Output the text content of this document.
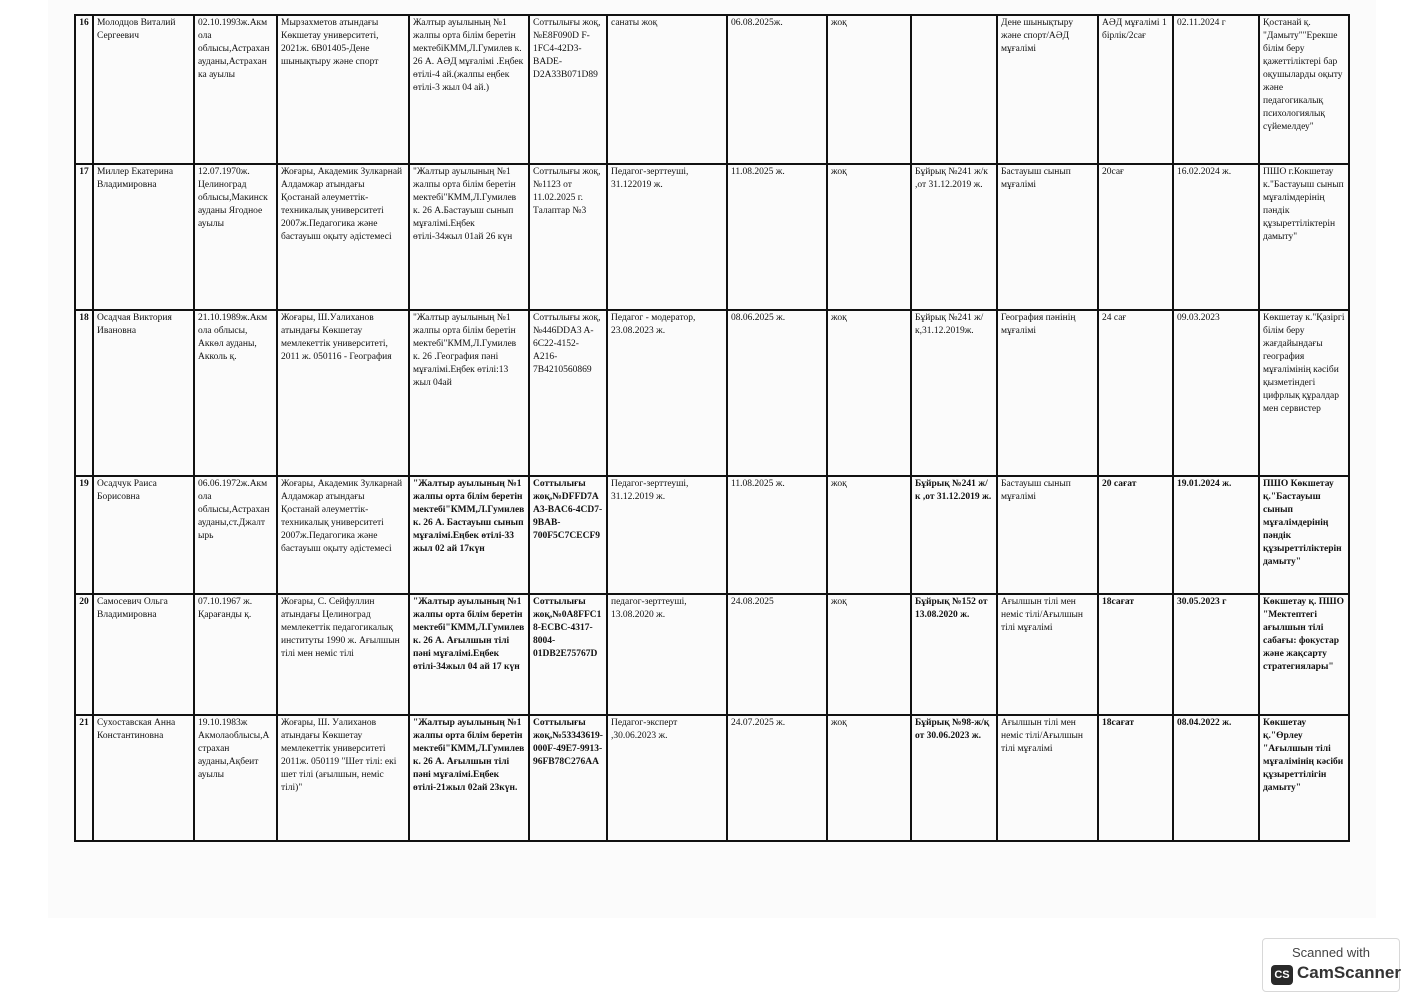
16	Молодцов Виталий Сергеевич	02.10.1993ж.Акм ола облысы,Астрахан ауданы,Астрахан ка ауылы	Мырзахметов атындағы Көкшетау университеті, 2021ж. 6B01405-Дене шынықтыру және спорт	Жалтыр ауылының №1 жалпы орта білім беретін мектебіКММ,Л.Гумилев к. 26 А. АӘД мұғалімі .Еңбек өтілі-4 ай.(жалпы еңбек өтілі-3 жыл 04 ай.)	Соттылығы жоқ,№E8F090D F-1FC4-42D3-BADE-D2A33B071D89	санаты жоқ	06.08.2025ж.	жоқ		Дене шынықтыру және спорт/АӘД мұғалімі	АӘД мұғалімі 1 бірлік/2сағ	02.11.2024 г	Қостанай қ. "Дамыту""Ерекше білім беру қажеттіліктері бар оқушыларды оқыту және педагогикалық психологиялық сүйемелдеу"
17	Миллер Екатерина Владимировна	12.07.1970ж. Целиноград облысы,Макинск ауданы Ягодное ауылы	Жоғары, Академик Зулкарнай Алдамжар атындағы Қостанай әлеуметтік-техникалық университеті 2007ж.Педагогика және бастауыш оқыту әдістемесі	"Жалтыр ауылының №1 жалпы орта білім беретін мектебі"КММ,Л.Гумилев к. 26 А.Бастауыш сынып мұғалімі.Еңбек өтілі-34жыл 01ай 26 күн	Соттылығы жоқ,№1123 от 11.02.2025 г. Талаптар №3	Педагог-зерттеуші, 31.122019 ж.	11.08.2025 ж.	жоқ	Бұйрық №241 ж/к ,от 31.12.2019 ж.	Бастауыш сынып мұғалімі	20сағ	16.02.2024 ж.	ПШО г.Кокшетау к."Бастауыш сынып мұғалімдерінің пәндік құзыреттіліктерін дамыту"
18	Осадчая Виктория Ивановна	21.10.1989ж.Акм ола облысы, Аккөл ауданы, Акколь қ.	Жоғары, Ш.Уалиханов атындағы Көкшетау мемлекеттік университеті, 2011 ж. 050116 - География	"Жалтыр ауылының №1 жалпы орта білім беретін мектебі"КММ,Л.Гумилев к. 26 .География пәні мұғалімі.Еңбек өтілі:13 жыл 04ай	Соттылығы жоқ,№446DDA3 A-6C22-4152-A216-7B4210560869	Педагог - модератор, 23.08.2023 ж.	08.06.2025 ж.	жоқ	Бұйрық №241 ж/к,31.12.2019ж.	География пәнінің мұғалімі	24 сағ	09.03.2023	Көкшетау к."Қазіргі білім беру жағдайындағы география мұғалімінің кәсіби қызметіндегі цифрлық құралдар мен сервистер
19	Осадчук Раиса Борисовна	06.06.1972ж.Акм ола облысы,Астрахан ауданы,ст.Джалт ырь	Жоғары, Академик Зулкарнай Алдамжар атындағы Қостанай әлеуметтік-техникалық университеті 2007ж.Педагогика және бастауыш оқыту әдістемесі	"Жалтыр ауылының №1 жалпы орта білім беретін мектебі"КММ,Л.Гумилев к. 26 А. Бастауыш сынып мұғалімі.Еңбек өтілі-33 жыл 02 ай 17күн	Соттылығы жоқ,№DFFD7A A3-BAC6-4CD7-9BAB-700F5C7CECF9	Педагог-зерттеуші, 31.12.2019 ж.	11.08.2025 ж.	жоқ	Бұйрық №241 ж/к ,от 31.12.2019 ж.	Бастауыш сынып мұғалімі	20 сағат	19.01.2024 ж.	ПШО Көкшетау қ."Бастауыш сынып мұғалімдерінің пәндік құзыреттіліктерін дамыту"
20	Самосевич Ольга Владимировна	07.10.1967 ж. Қарағанды қ.	Жоғары, С. Сейфуллин атындағы Целиноград мемлекеттік педагогикалық институты 1990 ж. Ағылшын тілі мен неміс тілі	"Жалтыр ауылының №1 жалпы орта білім беретін мектебі"КММ,Л.Гумилев к. 26 А. Ағылшын тілі пәні мұғалімі.Еңбек өтілі-34жыл 04 ай 17 күн	Соттылығы жоқ,№0A8FFC1 8-ECBC-4317-8004-01DB2E75767D	педагог-зерттеуші, 13.08.2020 ж.	24.08.2025	жоқ	Бұйрық №152 от 13.08.2020 ж.	Ағылшын тілі мен неміс тілі/Ағылшын тілі мұғалімі	18сағат	30.05.2023 г	Көкшетау қ. ПШО "Мектептегі ағылшын тілі сабағы: фокустар және жақсарту стратегиялары"
21	Сухоставская Анна Константиновна	19.10.1983ж Акмолаоблысы,А страхан ауданы,Ақбеит ауылы	Жоғары, Ш. Уалиханов атындағы Көкшетау мемлекеттік университеті 2011ж. 050119 "Шет тілі: екі шет тілі (ағылшын, неміс тілі)"	"Жалтыр ауылының №1 жалпы орта білім беретін мектебі"КММ,Л.Гумилев к. 26 А. Ағылшын тілі пәні мұғалімі.Еңбек өтілі-21жыл 02ай 23күн.	Соттылығы жоқ,№53343619-000F-49E7-9913-96FB78C276AA	Педагог-эксперт ,30.06.2023 ж.	24.07.2025 ж.	жоқ	Бұйрық №98-ж/қ от 30.06.2023 ж.	Ағылшын тілі мен неміс тілі/Ағылшын тілі мұғалімі	18сағат	08.04.2022 ж.	Көкшетау қ."Өрлеу "Ағылшын тілі мұғалімінің кәсіби құзыреттілігін дамыту"
Scanned with
CS CamScanner
